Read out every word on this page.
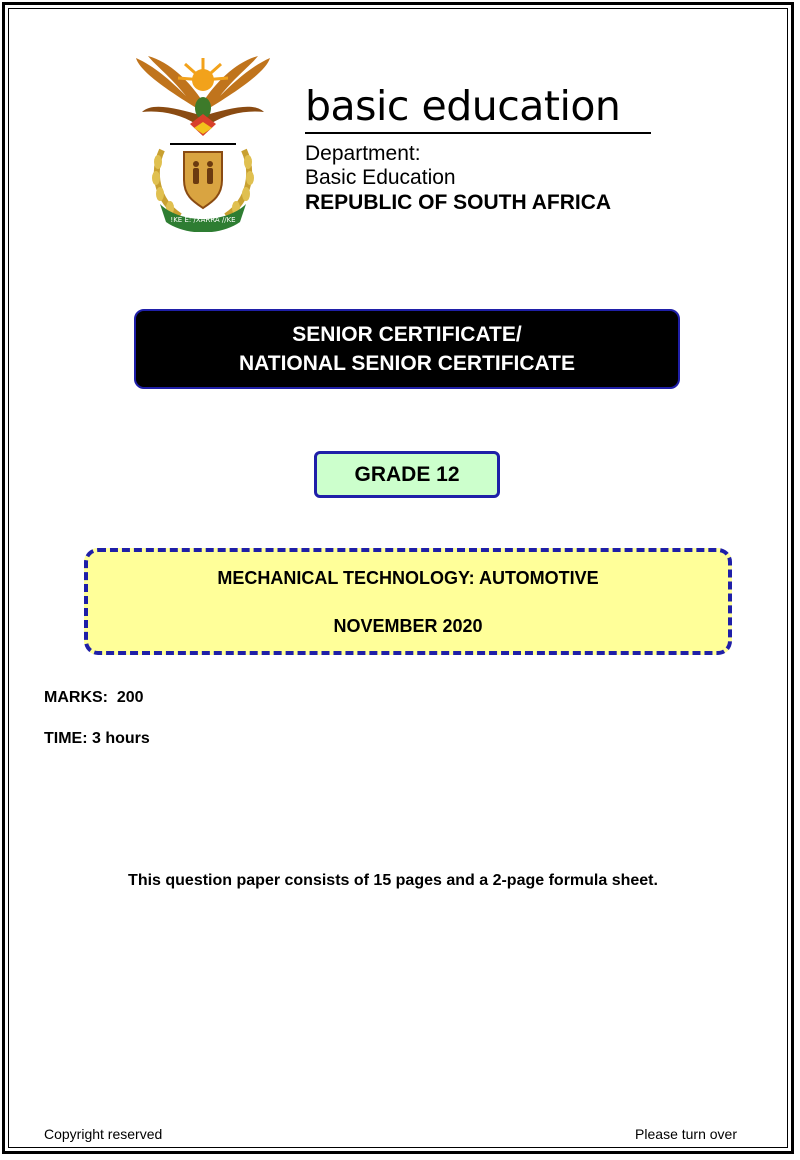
!KE E: /XARRA //KE
basic education
Department:
Basic Education
REPUBLIC OF SOUTH AFRICA
SENIOR CERTIFICATE/
NATIONAL SENIOR CERTIFICATE
GRADE 12
MECHANICAL TECHNOLOGY: AUTOMOTIVE
NOVEMBER 2020
MARKS:  200
TIME: 3 hours
This question paper consists of 15 pages and a 2-page formula sheet.
Copyright reserved	Please turn over
